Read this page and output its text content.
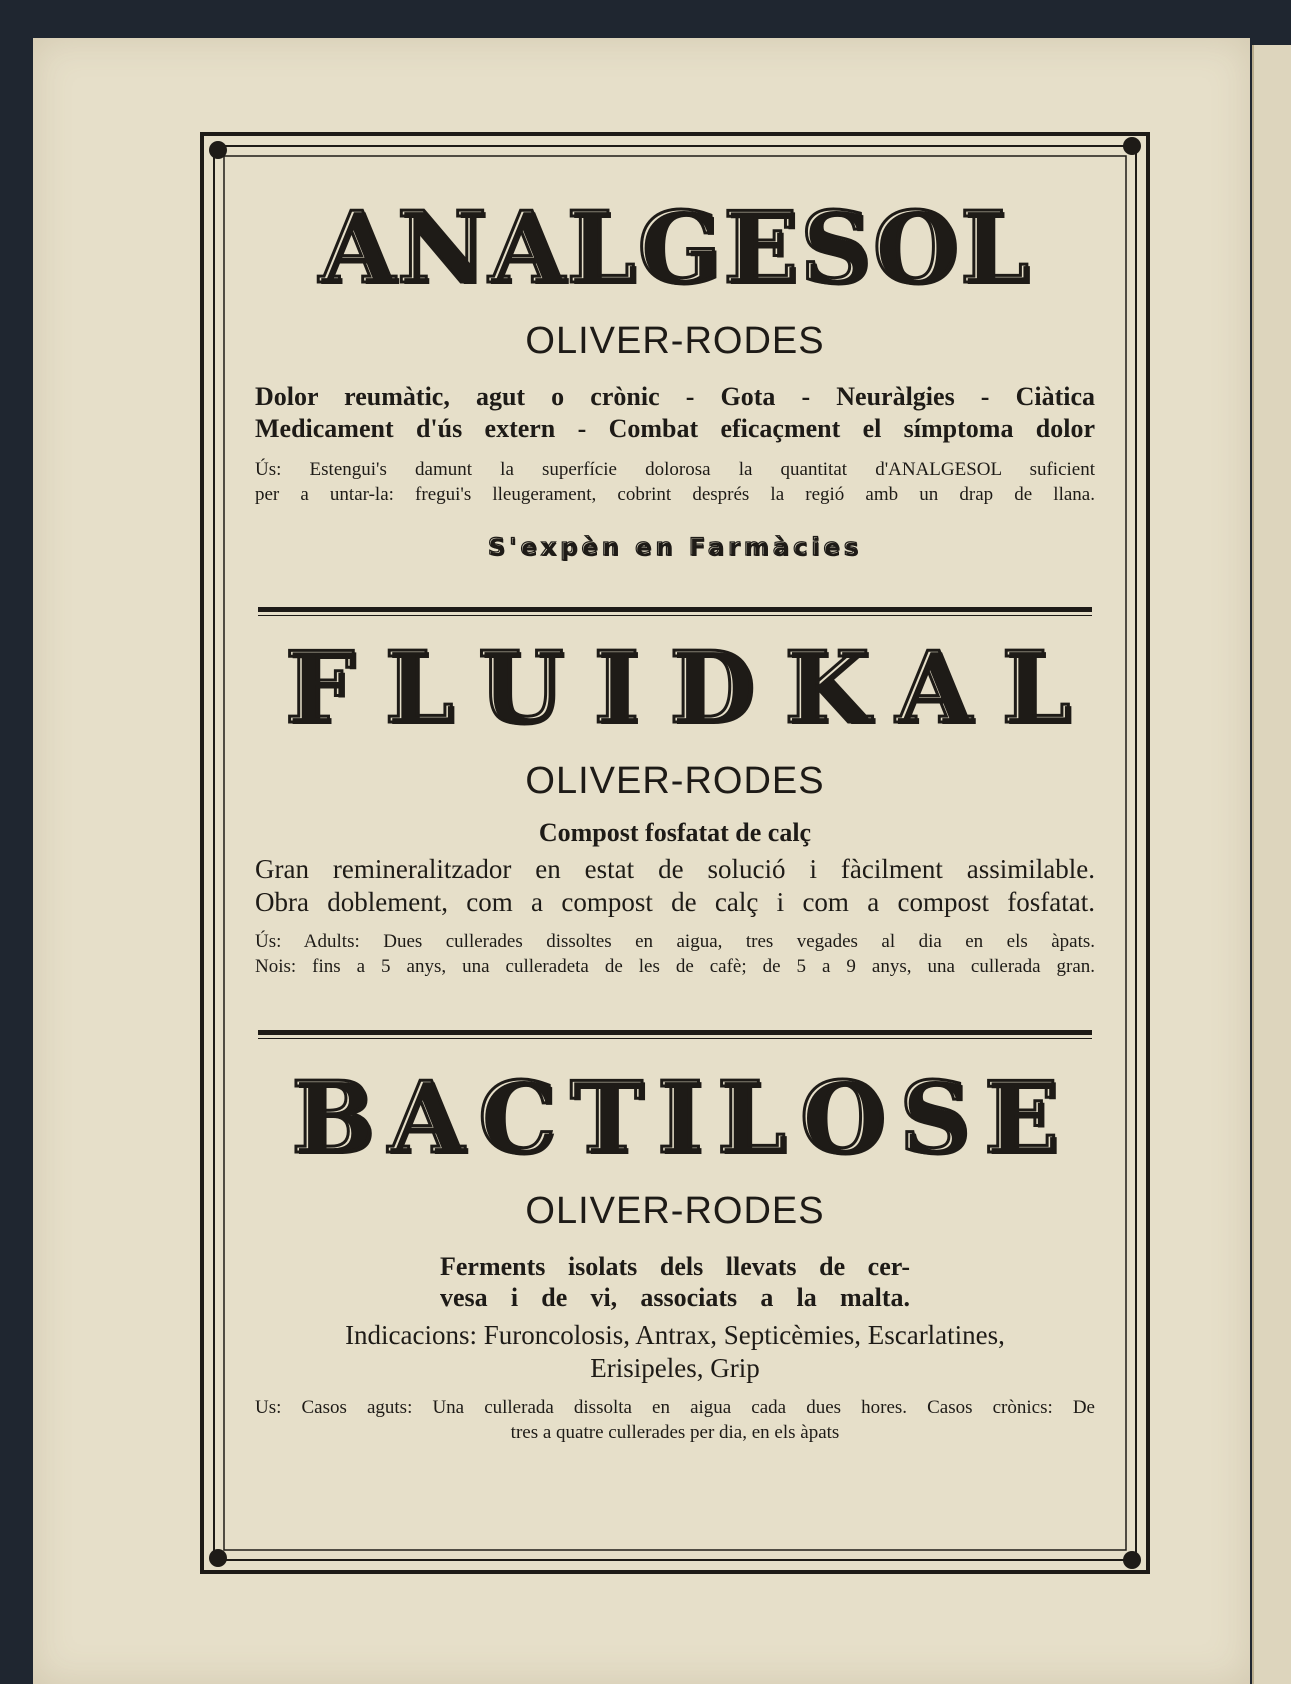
ANALGESOL
OLIVER-RODES
Dolor reumàtic, agut o crònic - Gota - Neuràlgies - Ciàtica
Medicament d'ús extern - Combat eficaçment el símptoma dolor
Ús: Estengui's damunt la superfície dolorosa la quantitat d'ANALGESOL suficient
per a untar-la: fregui's lleugerament, cobrint després la regió amb un drap de llana.
S'expèn en Farmàcies
FLUIDKAL
OLIVER-RODES
Compost fosfatat de calç
Gran remineralitzador en estat de solució i fàcilment assimilable.
Obra doblement, com a compost de calç i com a compost fosfatat.
Ús: Adults: Dues cullerades dissoltes en aigua, tres vegades al dia en els àpats.
Nois: fins a 5 anys, una culleradeta de les de cafè; de 5 a 9 anys, una cullerada gran.
BACTILOSE
OLIVER-RODES
Ferments isolats dels llevats de cer-
vesa i de vi, associats a la malta.
Indicacions: Furoncolosis, Antrax, Septicèmies, Escarlatines,
Erisipeles, Grip
Us: Casos aguts: Una cullerada dissolta en aigua cada dues hores. Casos crònics: De
tres a quatre cullerades per dia, en els àpats
